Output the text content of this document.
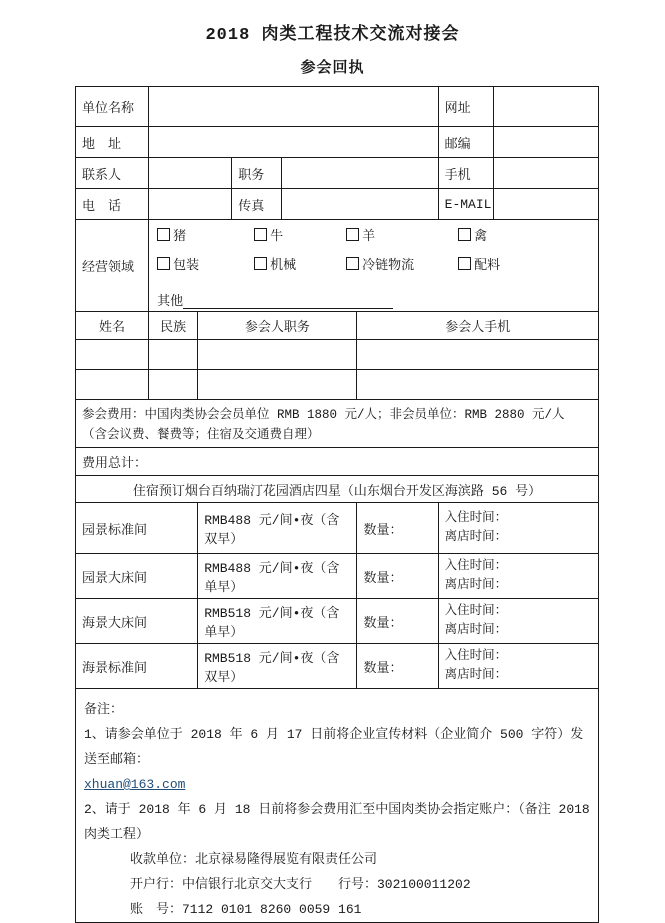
2018 肉类工程技术交流对接会
参会回执
单位名称						网址	
地　址						邮编	
联系人			职务			手机	
电　话			传真			E-MAIL	
经营领域	
猪	牛	羊	禽
包装	机械	冷链物流	配料
其他

姓名	民族	参会人职务			参会人手机		

参会费用：中国肉类协会会员单位 RMB 1880 元/人；非会员单位：RMB 2880 元/人
（含会议费、餐费等；住宿及交通费自理）							

费用总计：							
住宿预订烟台百纳瑞汀花园酒店四星（山东烟台开发区海滨路 56 号）							
园景标准间		RMB488 元/间•夜（含双早）			数量：	入住时间：
离店时间：	

园景大床间		RMB488 元/间•夜（含单早）			数量：	入住时间：
离店时间：	

海景大床间		RMB518 元/间•夜（含单早）			数量：	入住时间：
离店时间：	

海景标准间		RMB518 元/间•夜（含双早）			数量：	入住时间：
离店时间：	

备注：
1、请参会单位于 2018 年 6 月 17 日前将企业宣传材料（企业简介 500 字符）发送至邮箱：
xhuan@163.com
2、请于 2018 年 6 月 18 日前将参会费用汇至中国肉类协会指定账户：（备注 2018 肉类工程）
收款单位：北京禄易隆得展览有限责任公司
开户行：中信银行北京交大支行　　行号：302100011202
账　号：7112 0101 8260 0059 161
